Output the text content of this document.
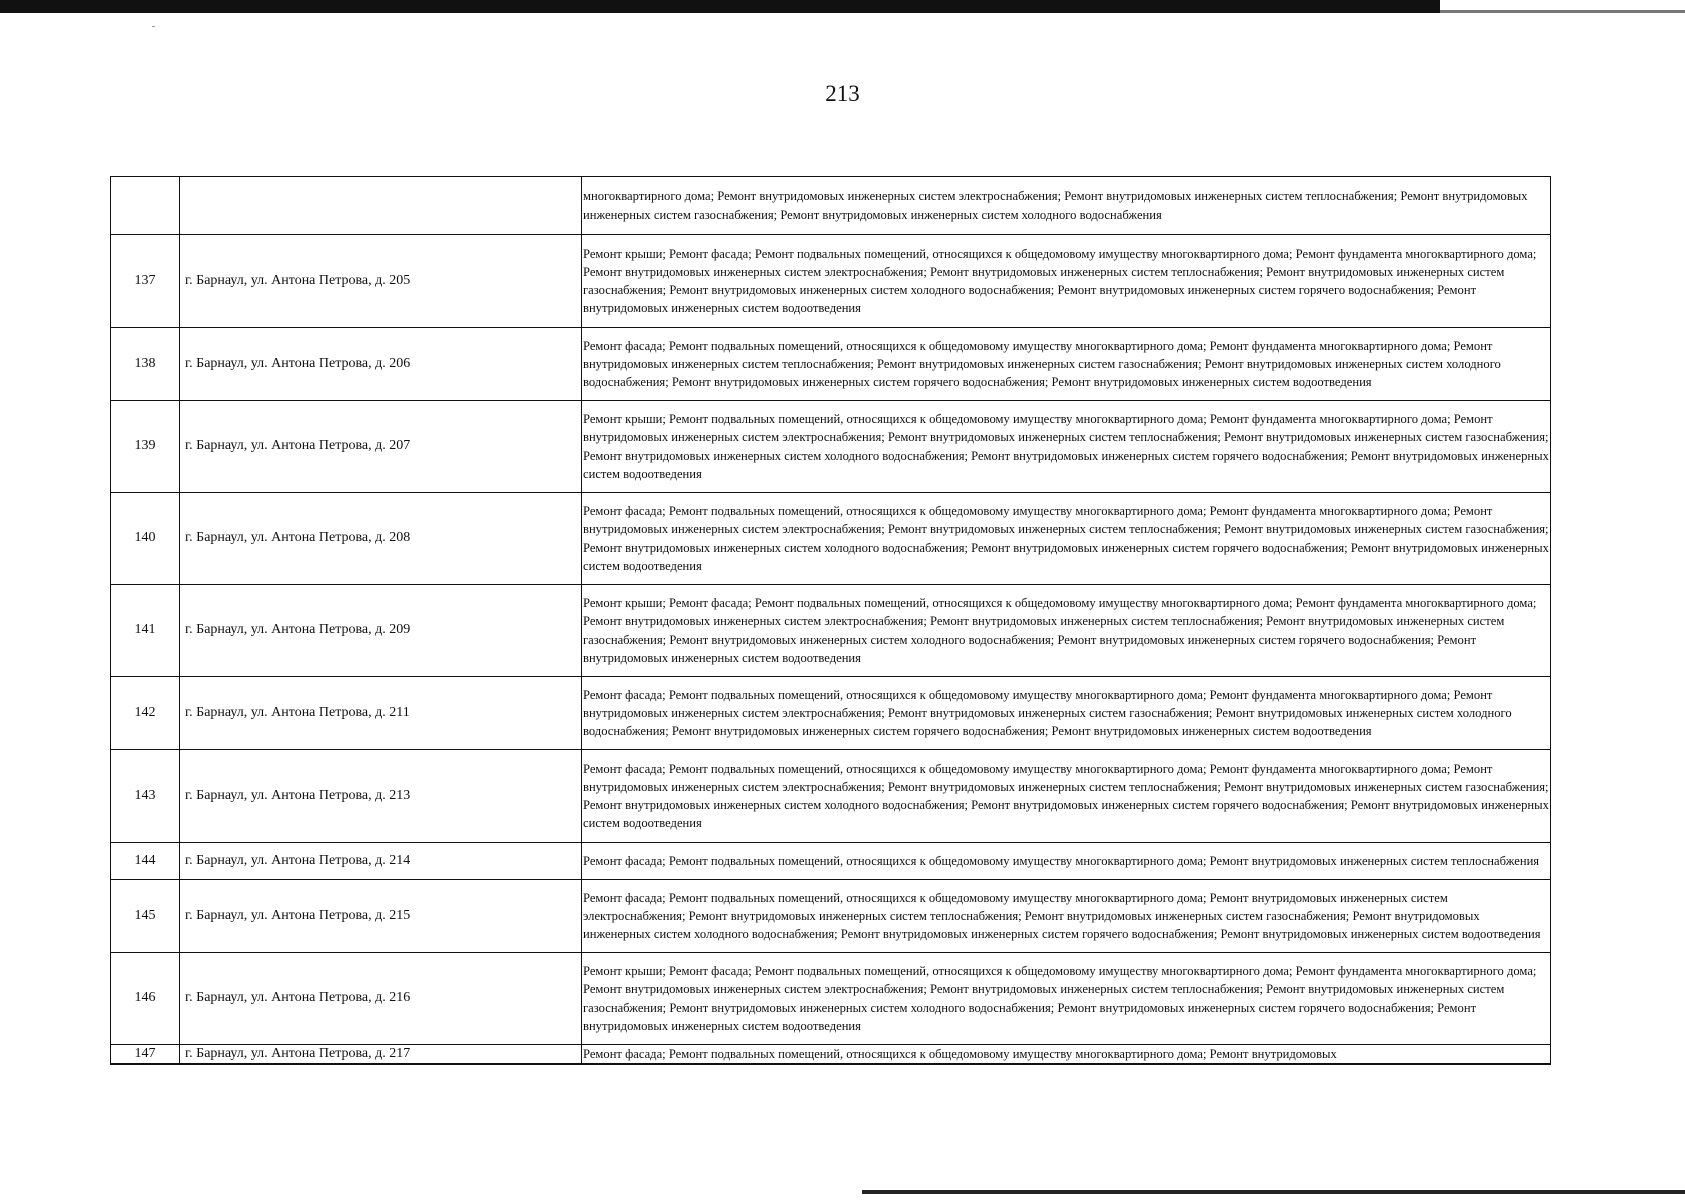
213
		многоквартирного дома; Ремонт внутридомовых инженерных систем электроснабжения; Ремонт внутридомовых инженерных систем теплоснабжения; Ремонт внутридомовых инженерных систем газоснабжения; Ремонт внутридомовых инженерных систем холодного водоснабжения
137	г. Барнаул, ул. Антона Петрова, д. 205	Ремонт крыши; Ремонт фасада; Ремонт подвальных помещений, относящихся к общедомовому имуществу многоквартирного дома; Ремонт фундамента многоквартирного дома; Ремонт внутридомовых инженерных систем электроснабжения; Ремонт внутридомовых инженерных систем теплоснабжения; Ремонт внутридомовых инженерных систем газоснабжения; Ремонт внутридомовых инженерных систем холодного водоснабжения; Ремонт внутридомовых инженерных систем горячего водоснабжения; Ремонт внутридомовых инженерных систем водоотведения
138	г. Барнаул, ул. Антона Петрова, д. 206	Ремонт фасада; Ремонт подвальных помещений, относящихся к общедомовому имуществу многоквартирного дома; Ремонт фундамента многоквартирного дома; Ремонт внутридомовых инженерных систем теплоснабжения; Ремонт внутридомовых инженерных систем газоснабжения; Ремонт внутридомовых инженерных систем холодного водоснабжения; Ремонт внутридомовых инженерных систем горячего водоснабжения; Ремонт внутридомовых инженерных систем водоотведения
139	г. Барнаул, ул. Антона Петрова, д. 207	Ремонт крыши; Ремонт подвальных помещений, относящихся к общедомовому имуществу многоквартирного дома; Ремонт фундамента многоквартирного дома; Ремонт внутридомовых инженерных систем электроснабжения; Ремонт внутридомовых инженерных систем теплоснабжения; Ремонт внутридомовых инженерных систем газоснабжения; Ремонт внутридомовых инженерных систем холодного водоснабжения; Ремонт внутридомовых инженерных систем горячего водоснабжения; Ремонт внутридомовых инженерных систем водоотведения
140	г. Барнаул, ул. Антона Петрова, д. 208	Ремонт фасада; Ремонт подвальных помещений, относящихся к общедомовому имуществу многоквартирного дома; Ремонт фундамента многоквартирного дома; Ремонт внутридомовых инженерных систем электроснабжения; Ремонт внутридомовых инженерных систем теплоснабжения; Ремонт внутридомовых инженерных систем газоснабжения; Ремонт внутридомовых инженерных систем холодного водоснабжения; Ремонт внутридомовых инженерных систем горячего водоснабжения; Ремонт внутридомовых инженерных систем водоотведения
141	г. Барнаул, ул. Антона Петрова, д. 209	Ремонт крыши; Ремонт фасада; Ремонт подвальных помещений, относящихся к общедомовому имуществу многоквартирного дома; Ремонт фундамента многоквартирного дома; Ремонт внутридомовых инженерных систем электроснабжения; Ремонт внутридомовых инженерных систем теплоснабжения; Ремонт внутридомовых инженерных систем газоснабжения; Ремонт внутридомовых инженерных систем холодного водоснабжения; Ремонт внутридомовых инженерных систем горячего водоснабжения; Ремонт внутридомовых инженерных систем водоотведения
142	г. Барнаул, ул. Антона Петрова, д. 211	Ремонт фасада; Ремонт подвальных помещений, относящихся к общедомовому имуществу многоквартирного дома; Ремонт фундамента многоквартирного дома; Ремонт внутридомовых инженерных систем электроснабжения; Ремонт внутридомовых инженерных систем газоснабжения; Ремонт внутридомовых инженерных систем холодного водоснабжения; Ремонт внутридомовых инженерных систем горячего водоснабжения; Ремонт внутридомовых инженерных систем водоотведения
143	г. Барнаул, ул. Антона Петрова, д. 213	Ремонт фасада; Ремонт подвальных помещений, относящихся к общедомовому имуществу многоквартирного дома; Ремонт фундамента многоквартирного дома; Ремонт внутридомовых инженерных систем электроснабжения; Ремонт внутридомовых инженерных систем теплоснабжения; Ремонт внутридомовых инженерных систем газоснабжения; Ремонт внутридомовых инженерных систем холодного водоснабжения; Ремонт внутридомовых инженерных систем горячего водоснабжения; Ремонт внутридомовых инженерных систем водоотведения
144	г. Барнаул, ул. Антона Петрова, д. 214	Ремонт фасада; Ремонт подвальных помещений, относящихся к общедомовому имуществу многоквартирного дома; Ремонт внутридомовых инженерных систем теплоснабжения
145	г. Барнаул, ул. Антона Петрова, д. 215	Ремонт фасада; Ремонт подвальных помещений, относящихся к общедомовому имуществу многоквартирного дома; Ремонт внутридомовых инженерных систем электроснабжения; Ремонт внутридомовых инженерных систем теплоснабжения; Ремонт внутридомовых инженерных систем газоснабжения; Ремонт внутридомовых инженерных систем холодного водоснабжения; Ремонт внутридомовых инженерных систем горячего водоснабжения; Ремонт внутридомовых инженерных систем водоотведения
146	г. Барнаул, ул. Антона Петрова, д. 216	Ремонт крыши; Ремонт фасада; Ремонт подвальных помещений, относящихся к общедомовому имуществу многоквартирного дома; Ремонт фундамента многоквартирного дома; Ремонт внутридомовых инженерных систем электроснабжения; Ремонт внутридомовых инженерных систем теплоснабжения; Ремонт внутридомовых инженерных систем газоснабжения; Ремонт внутридомовых инженерных систем холодного водоснабжения; Ремонт внутридомовых инженерных систем горячего водоснабжения; Ремонт внутридомовых инженерных систем водоотведения
147	г. Барнаул, ул. Антона Петрова, д. 217	Ремонт фасада; Ремонт подвальных помещений, относящихся к общедомовому имуществу многоквартирного дома; Ремонт внутридомовых
